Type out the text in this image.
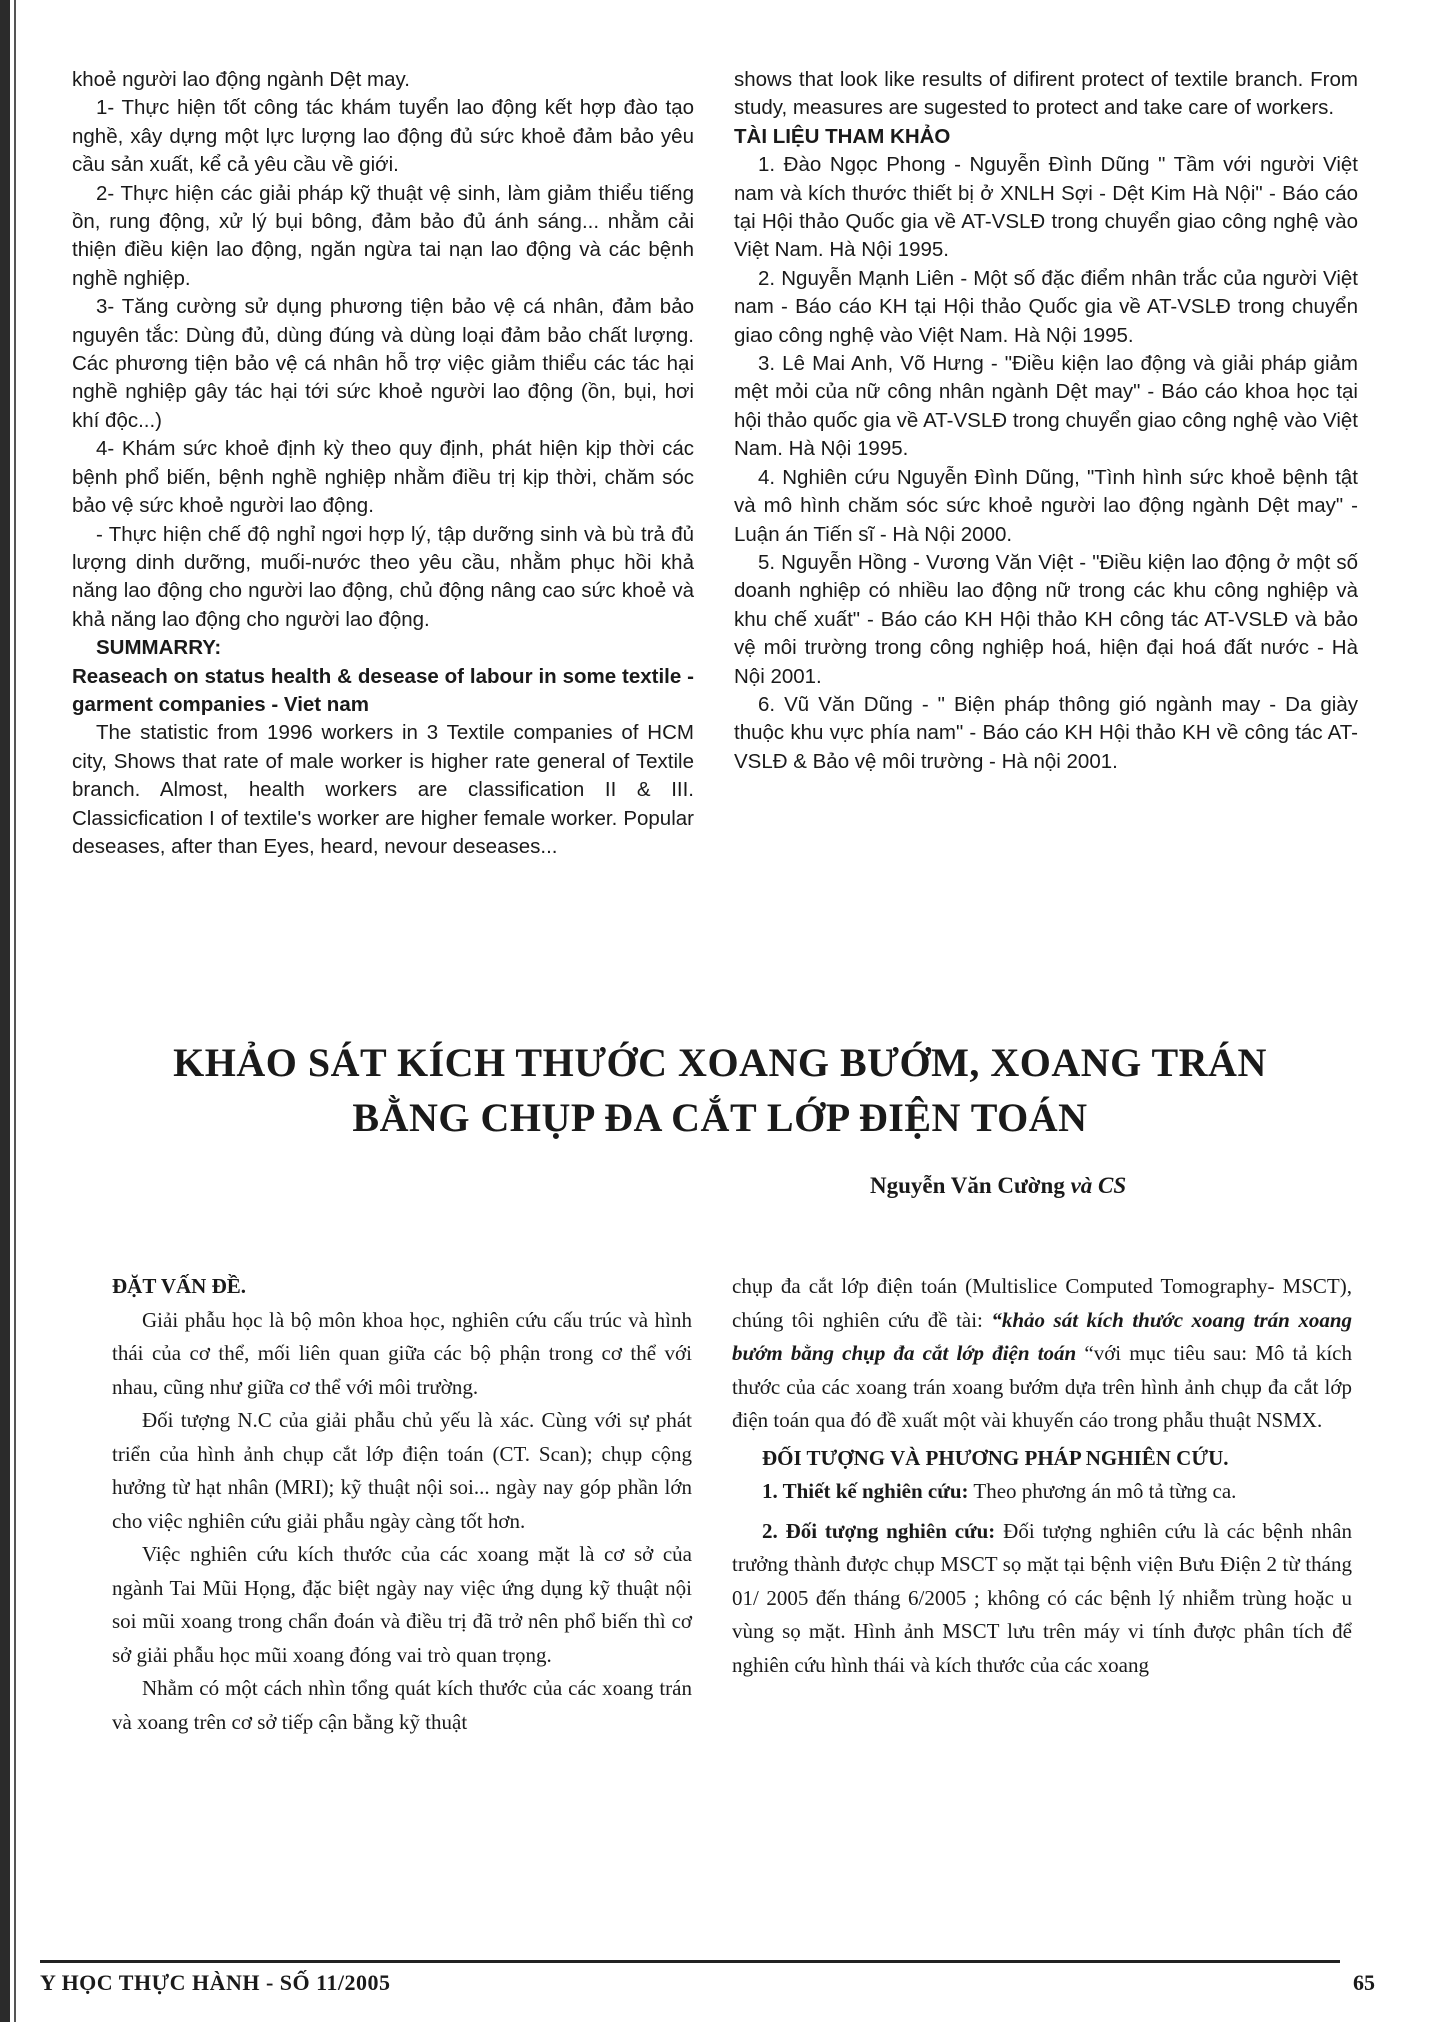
khoẻ người lao động ngành Dệt may.

1- Thực hiện tốt công tác khám tuyển lao động kết hợp đào tạo nghề, xây dựng một lực lượng lao động đủ sức khoẻ đảm bảo yêu cầu sản xuất, kể cả yêu cầu về giới.

2- Thực hiện các giải pháp kỹ thuật vệ sinh, làm giảm thiểu tiếng ồn, rung động, xử lý bụi bông, đảm bảo đủ ánh sáng... nhằm cải thiện điều kiện lao động, ngăn ngừa tai nạn lao động và các bệnh nghề nghiệp.

3- Tăng cường sử dụng phương tiện bảo vệ cá nhân, đảm bảo nguyên tắc: Dùng đủ, dùng đúng và dùng loại đảm bảo chất lượng. Các phương tiện bảo vệ cá nhân hỗ trợ việc giảm thiểu các tác hại nghề nghiệp gây tác hại tới sức khoẻ người lao động (ồn, bụi, hơi khí độc...)

4- Khám sức khoẻ định kỳ theo quy định, phát hiện kịp thời các bệnh phổ biến, bệnh nghề nghiệp nhằm điều trị kịp thời, chăm sóc bảo vệ sức khoẻ người lao động.

- Thực hiện chế độ nghỉ ngơi hợp lý, tập dưỡng sinh và bù trả đủ lượng dinh dưỡng, muối-nước theo yêu cầu, nhằm phục hồi khả năng lao động cho người lao động, chủ động nâng cao sức khoẻ và khả năng lao động cho người lao động.

SUMMARRY:

Reaseach on status health & desease of labour in some textile - garment companies - Viet nam

The statistic from 1996 workers in 3 Textile companies of HCM city, Shows that rate of male worker is higher rate general of Textile branch. Almost, health workers are classification II & III. Classicfication I of textile's worker are higher female worker. Popular deseases, after than Eyes, heard, nevour deseases...

shows that look like results of difirent protect of textile branch. From study, measures are sugested to protect and take care of workers.

TÀI LIỆU THAM KHẢO

1. Đào Ngọc Phong - Nguyễn Đình Dũng " Tầm với người Việt nam và kích thước thiết bị ở XNLH Sợi - Dệt Kim Hà Nội" - Báo cáo tại Hội thảo Quốc gia về AT-VSLĐ trong chuyển giao công nghệ vào Việt Nam. Hà Nội 1995.

2. Nguyễn Mạnh Liên - Một số đặc điểm nhân trắc của người Việt nam - Báo cáo KH tại Hội thảo Quốc gia về AT-VSLĐ trong chuyển giao công nghệ vào Việt Nam. Hà Nội 1995.

3. Lê Mai Anh, Võ Hưng - "Điều kiện lao động và giải pháp giảm mệt mỏi của nữ công nhân ngành Dệt may" - Báo cáo khoa học tại hội thảo quốc gia về AT-VSLĐ trong chuyển giao công nghệ vào Việt Nam. Hà Nội 1995.

4. Nghiên cứu Nguyễn Đình Dũng, "Tình hình sức khoẻ bệnh tật và mô hình chăm sóc sức khoẻ người lao động ngành Dệt may" - Luận án Tiến sĩ - Hà Nội 2000.

5. Nguyễn Hồng - Vương Văn Việt - "Điều kiện lao động ở một số doanh nghiệp có nhiều lao động nữ trong các khu công nghiệp và khu chế xuất" - Báo cáo KH Hội thảo KH công tác AT-VSLĐ và bảo vệ môi trường trong công nghiệp hoá, hiện đại hoá đất nước - Hà Nội 2001.

6. Vũ Văn Dũng - " Biện pháp thông gió ngành may - Da giày thuộc khu vực phía nam" - Báo cáo KH Hội thảo KH về công tác AT-VSLĐ & Bảo vệ môi trường - Hà nội 2001.

KHẢO SÁT KÍCH THƯỚC XOANG BƯỚM, XOANG TRÁN

BẰNG CHỤP ĐA CẮT LỚP ĐIỆN TOÁN

Nguyễn Văn Cường và CS

ĐẶT VẤN ĐỀ.

Giải phẫu học là bộ môn khoa học, nghiên cứu cấu trúc và hình thái của cơ thể, mối liên quan giữa các bộ phận trong cơ thể với nhau, cũng như giữa cơ thể với môi trường.

Đối tượng N.C của giải phẫu chủ yếu là xác. Cùng với sự phát triển của hình ảnh chụp cắt lớp điện toán (CT. Scan); chụp cộng hưởng từ hạt nhân (MRI); kỹ thuật nội soi... ngày nay góp phần lớn cho việc nghiên cứu giải phẫu ngày càng tốt hơn.

Việc nghiên cứu kích thước của các xoang mặt là cơ sở của ngành Tai Mũi Họng, đặc biệt ngày nay việc ứng dụng kỹ thuật nội soi mũi xoang trong chẩn đoán và điều trị đã trở nên phổ biến thì cơ sở giải phẫu học mũi xoang đóng vai trò quan trọng.

Nhằm có một cách nhìn tổng quát kích thước của các xoang trán và xoang trên cơ sở tiếp cận bằng kỹ thuật

chụp đa cắt lớp điện toán (Multislice Computed Tomography- MSCT), chúng tôi nghiên cứu đề tài: “khảo sát kích thước xoang trán xoang bướm bằng chụp đa cắt lớp điện toán “với mục tiêu sau: Mô tả kích thước của các xoang trán xoang bướm dựa trên hình ảnh chụp đa cắt lớp điện toán qua đó đề xuất một vài khuyến cáo trong phẫu thuật NSMX.

ĐỐI TƯỢNG VÀ PHƯƠNG PHÁP NGHIÊN CỨU.

1. Thiết kế nghiên cứu: Theo phương án mô tả từng ca.

2. Đối tượng nghiên cứu: Đối tượng nghiên cứu là các bệnh nhân trưởng thành được chụp MSCT sọ mặt tại bệnh viện Bưu Điện 2 từ tháng 01/ 2005 đến tháng 6/2005 ; không có các bệnh lý nhiễm trùng hoặc u vùng sọ mặt. Hình ảnh MSCT lưu trên máy vi tính được phân tích để nghiên cứu hình thái và kích thước của các xoang

Y HỌC THỰC HÀNH - SỐ 11/2005	65
